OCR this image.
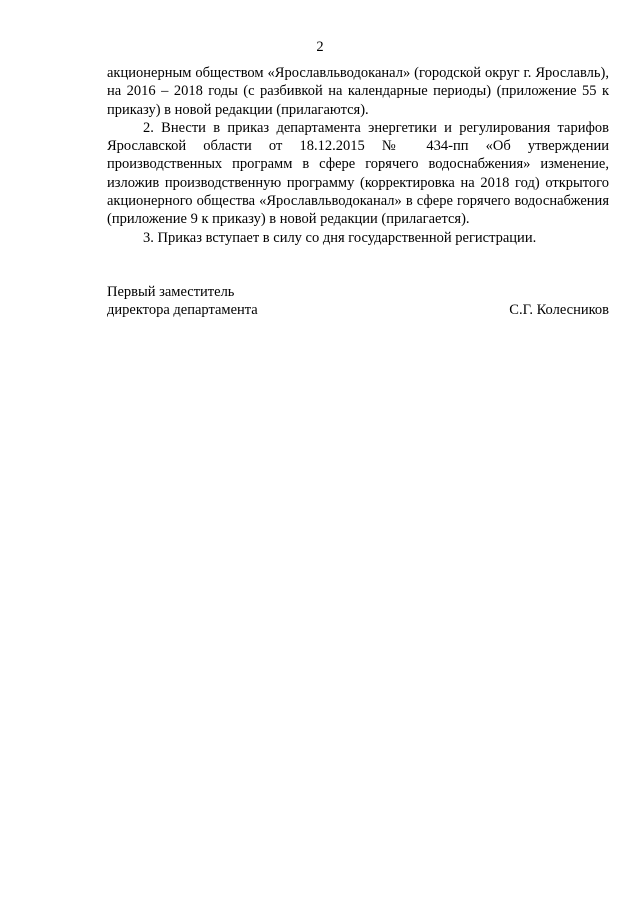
2

акционерным обществом «Ярославльводоканал» (городской округ г. Ярославль), на 2016 – 2018 годы (с разбивкой на календарные периоды) (приложение 55 к приказу) в новой редакции (прилагаются).

2. Внести в приказ департамента энергетики и регулирования тарифов Ярославской области от 18.12.2015 № 434-пп «Об утверждении производственных программ в сфере горячего водоснабжения» изменение, изложив производственную программу (корректировка на 2018 год) открытого акционерного общества «Ярославльводоканал» в сфере горячего водоснабжения (приложение 9 к приказу) в новой редакции (прилагается).

3. Приказ вступает в силу со дня государственной регистрации.

Первый заместитель
директора департамента	С.Г. Колесников
